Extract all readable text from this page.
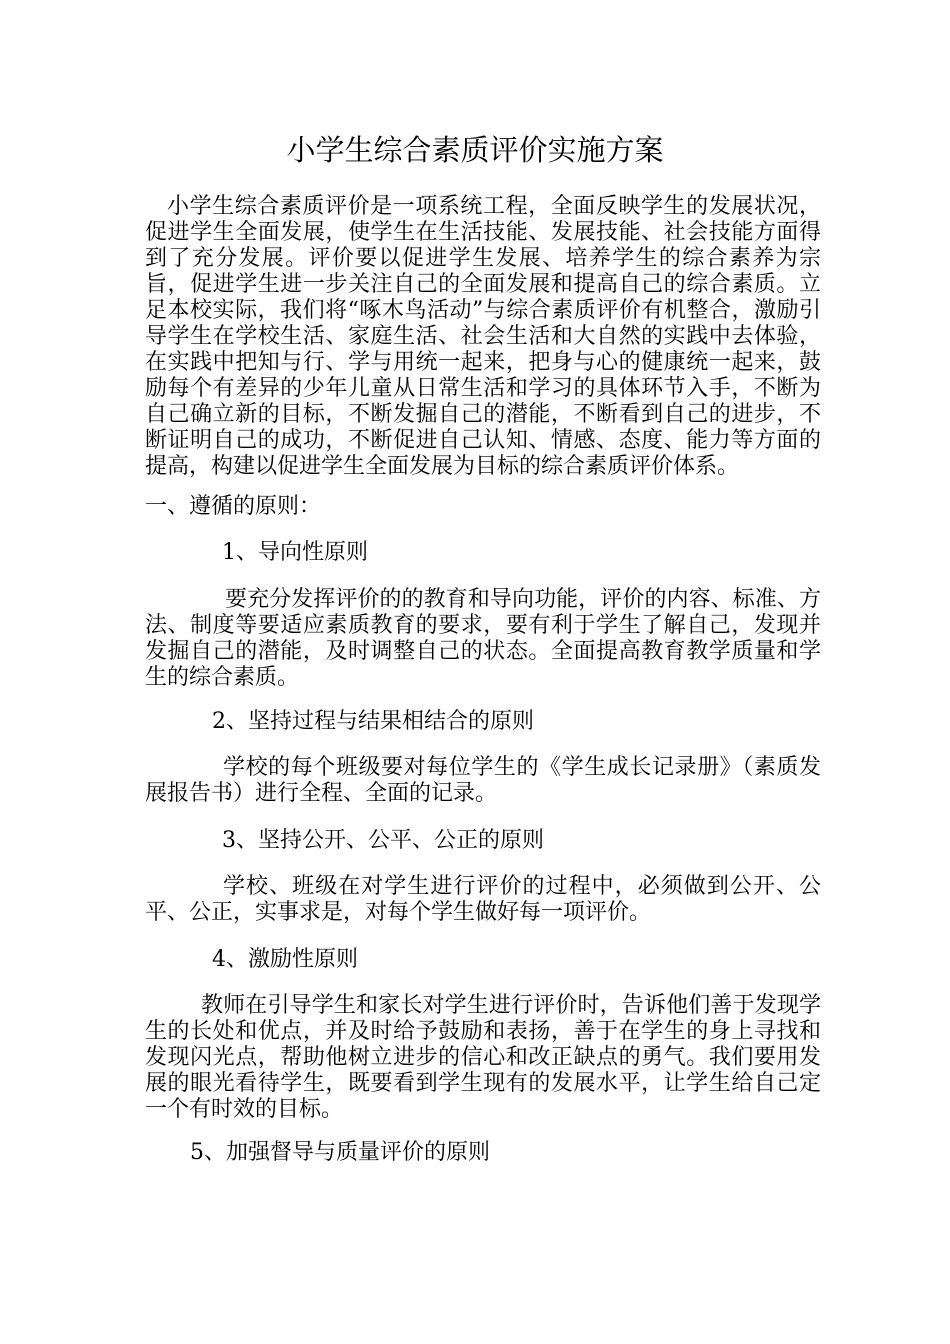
小学生综合素质评价实施方案

小学生综合素质评价是一项系统工程，全面反映学生的发展状况，促进学生全面发展，使学生在生活技能、发展技能、社会技能方面得到了充分发展。评价要以促进学生发展、培养学生的综合素养为宗旨，促进学生进一步关注自己的全面发展和提高自己的综合素质。立足本校实际，我们将“啄木鸟活动”与综合素质评价有机整合，激励引导学生在学校生活、家庭生活、社会生活和大自然的实践中去体验，在实践中把知与行、学与用统一起来，把身与心的健康统一起来，鼓励每个有差异的少年儿童从日常生活和学习的具体环节入手，不断为自己确立新的目标，不断发掘自己的潜能，不断看到自己的进步，不断证明自己的成功，不断促进自己认知、情感、态度、能力等方面的提高，构建以促进学生全面发展为目标的综合素质评价体系。

一、遵循的原则：

1、导向性原则

要充分发挥评价的的教育和导向功能，评价的内容、标准、方法、制度等要适应素质教育的要求，要有利于学生了解自己，发现并发掘自己的潜能，及时调整自己的状态。全面提高教育教学质量和学生的综合素质。

2、坚持过程与结果相结合的原则

学校的每个班级要对每位学生的《学生成长记录册》（素质发展报告书）进行全程、全面的记录。

3、坚持公开、公平、公正的原则

学校、班级在对学生进行评价的过程中，必须做到公开、公平、公正，实事求是，对每个学生做好每一项评价。

4、激励性原则

教师在引导学生和家长对学生进行评价时，告诉他们善于发现学生的长处和优点，并及时给予鼓励和表扬，善于在学生的身上寻找和发现闪光点，帮助他树立进步的信心和改正缺点的勇气。我们要用发展的眼光看待学生，既要看到学生现有的发展水平，让学生给自己定一个有时效的目标。

5、加强督导与质量评价的原则
